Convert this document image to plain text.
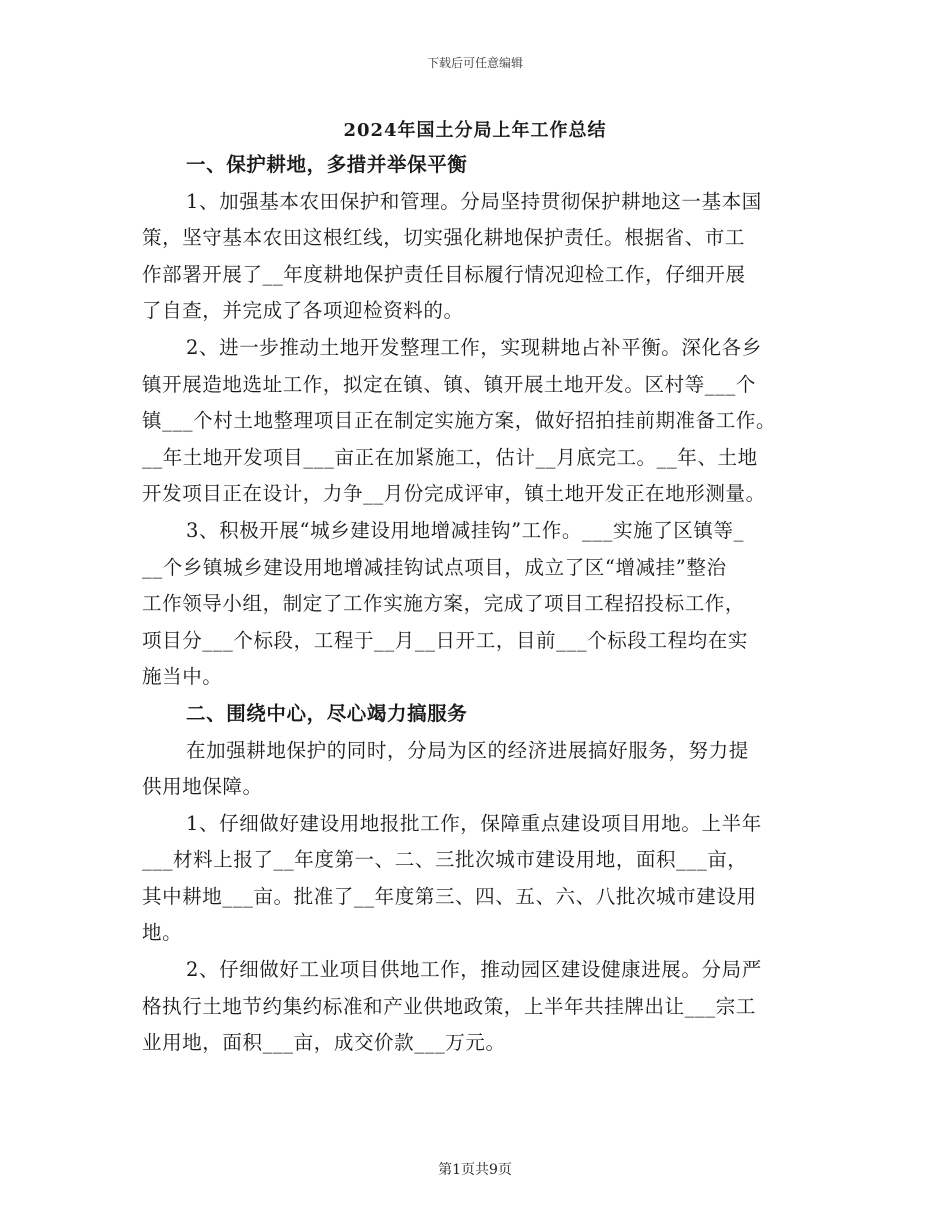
下载后可任意编辑
2024年国土分局上年工作总结
一、保护耕地，多措并举保平衡
1、加强基本农田保护和管理。分局坚持贯彻保护耕地这一基本国
策，坚守基本农田这根红线，切实强化耕地保护责任。根据省、市工
作部署开展了__年度耕地保护责任目标履行情况迎检工作，仔细开展
了自查，并完成了各项迎检资料的。
2、进一步推动土地开发整理工作，实现耕地占补平衡。深化各乡
镇开展造地选址工作，拟定在镇、镇、镇开展土地开发。区村等___个
镇___个村土地整理项目正在制定实施方案，做好招拍挂前期准备工作。
__年土地开发项目___亩正在加紧施工，估计__月底完工。__年、土地
开发项目正在设计，力争__月份完成评审，镇土地开发正在地形测量。
3、积极开展“城乡建设用地增减挂钩”工作。___实施了区镇等_
__个乡镇城乡建设用地增减挂钩试点项目，成立了区“增减挂”整治
工作领导小组，制定了工作实施方案，完成了项目工程招投标工作，
项目分___个标段，工程于__月__日开工，目前___个标段工程均在实
施当中。
二、围绕中心，尽心竭力搞服务
在加强耕地保护的同时，分局为区的经济进展搞好服务，努力提
供用地保障。
1、仔细做好建设用地报批工作，保障重点建设项目用地。上半年
___材料上报了__年度第一、二、三批次城市建设用地，面积___亩，
其中耕地___亩。批准了__年度第三、四、五、六、八批次城市建设用
地。
2、仔细做好工业项目供地工作，推动园区建设健康进展。分局严
格执行土地节约集约标准和产业供地政策，上半年共挂牌出让___宗工
业用地，面积___亩，成交价款___万元。
第1页共9页
